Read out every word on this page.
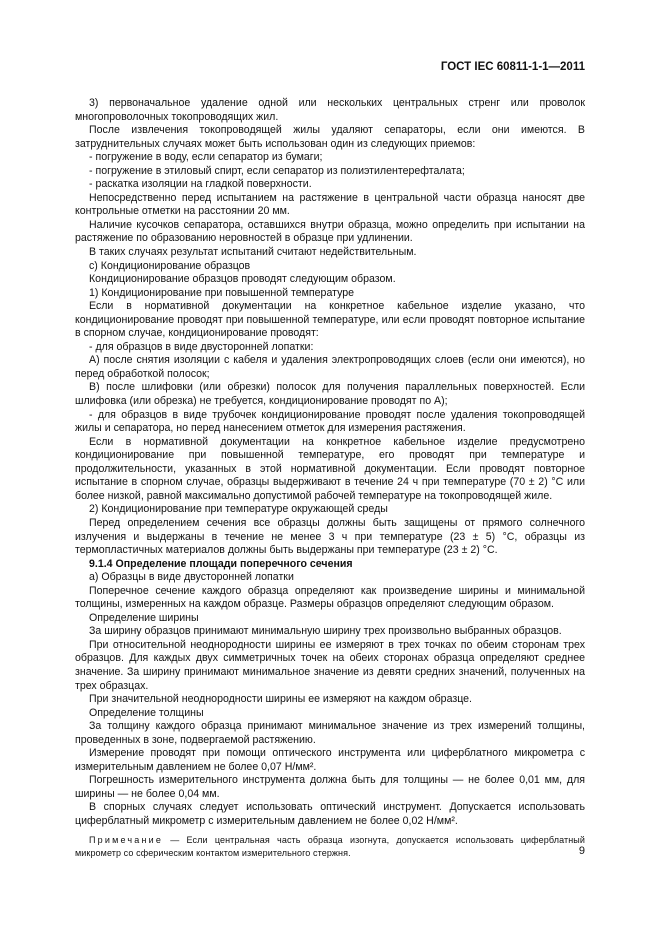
ГОСТ IEC 60811-1-1—2011

3) первоначальное удаление одной или нескольких центральных стренг или проволок многопроволочных токопроводящих жил.

После извлечения токопроводящей жилы удаляют сепараторы, если они имеются. В затруднительных случаях может быть использован один из следующих приемов:

- погружение в воду, если сепаратор из бумаги;

- погружение в этиловый спирт, если сепаратор из полиэтилентерефталата;

- раскатка изоляции на гладкой поверхности.

Непосредственно перед испытанием на растяжение в центральной части образца наносят две контрольные отметки на расстоянии 20 мм.

Наличие кусочков сепаратора, оставшихся внутри образца, можно определить при испытании на растяжение по образованию неровностей в образце при удлинении.

В таких случаях результат испытаний считают недействительным.

c) Кондиционирование образцов

Кондиционирование образцов проводят следующим образом.

1) Кондиционирование при повышенной температуре

Если в нормативной документации на конкретное кабельное изделие указано, что кондиционирование проводят при повышенной температуре, или если проводят повторное испытание в спорном случае, кондиционирование проводят:

- для образцов в виде двусторонней лопатки:

А) после снятия изоляции с кабеля и удаления электропроводящих слоев (если они имеются), но перед обработкой полосок;

В) после шлифовки (или обрезки) полосок для получения параллельных поверхностей. Если шлифовка (или обрезка) не требуется, кондиционирование проводят по А);

- для образцов в виде трубочек кондиционирование проводят после удаления токопроводящей жилы и сепаратора, но перед нанесением отметок для измерения растяжения.

Если в нормативной документации на конкретное кабельное изделие предусмотрено кондиционирование при повышенной температуре, его проводят при температуре и продолжительности, указанных в этой нормативной документации. Если проводят повторное испытание в спорном случае, образцы выдерживают в течение 24 ч при температуре (70 ± 2) °С или более низкой, равной максимально допустимой рабочей температуре на токопроводящей жиле.

2) Кондиционирование при температуре окружающей среды

Перед определением сечения все образцы должны быть защищены от прямого солнечного излучения и выдержаны в течение не менее 3 ч при температуре (23 ± 5) °С, образцы из термопластичных материалов должны быть выдержаны при температуре (23 ± 2) °С.

9.1.4 Определение площади поперечного сечения

а) Образцы в виде двусторонней лопатки

Поперечное сечение каждого образца определяют как произведение ширины и минимальной толщины, измеренных на каждом образце. Размеры образцов определяют следующим образом.

Определение ширины

За ширину образцов принимают минимальную ширину трех произвольно выбранных образцов.

При относительной неоднородности ширины ее измеряют в трех точках по обеим сторонам трех образцов. Для каждых двух симметричных точек на обеих сторонах образца определяют среднее значение. За ширину принимают минимальное значение из девяти средних значений, полученных на трех образцах.

При значительной неоднородности ширины ее измеряют на каждом образце.

Определение толщины

За толщину каждого образца принимают минимальное значение из трех измерений толщины, проведенных в зоне, подвергаемой растяжению.

Измерение проводят при помощи оптического инструмента или циферблатного микрометра с измерительным давлением не более 0,07 Н/мм².

Погрешность измерительного инструмента должна быть для толщины — не более 0,01 мм, для ширины — не более 0,04 мм.

В спорных случаях следует использовать оптический инструмент. Допускается использовать циферблатный микрометр с измерительным давлением не более 0,02 Н/мм².

Примечание — Если центральная часть образца изогнута, допускается использовать циферблатный микрометр со сферическим контактом измерительного стержня.	9
